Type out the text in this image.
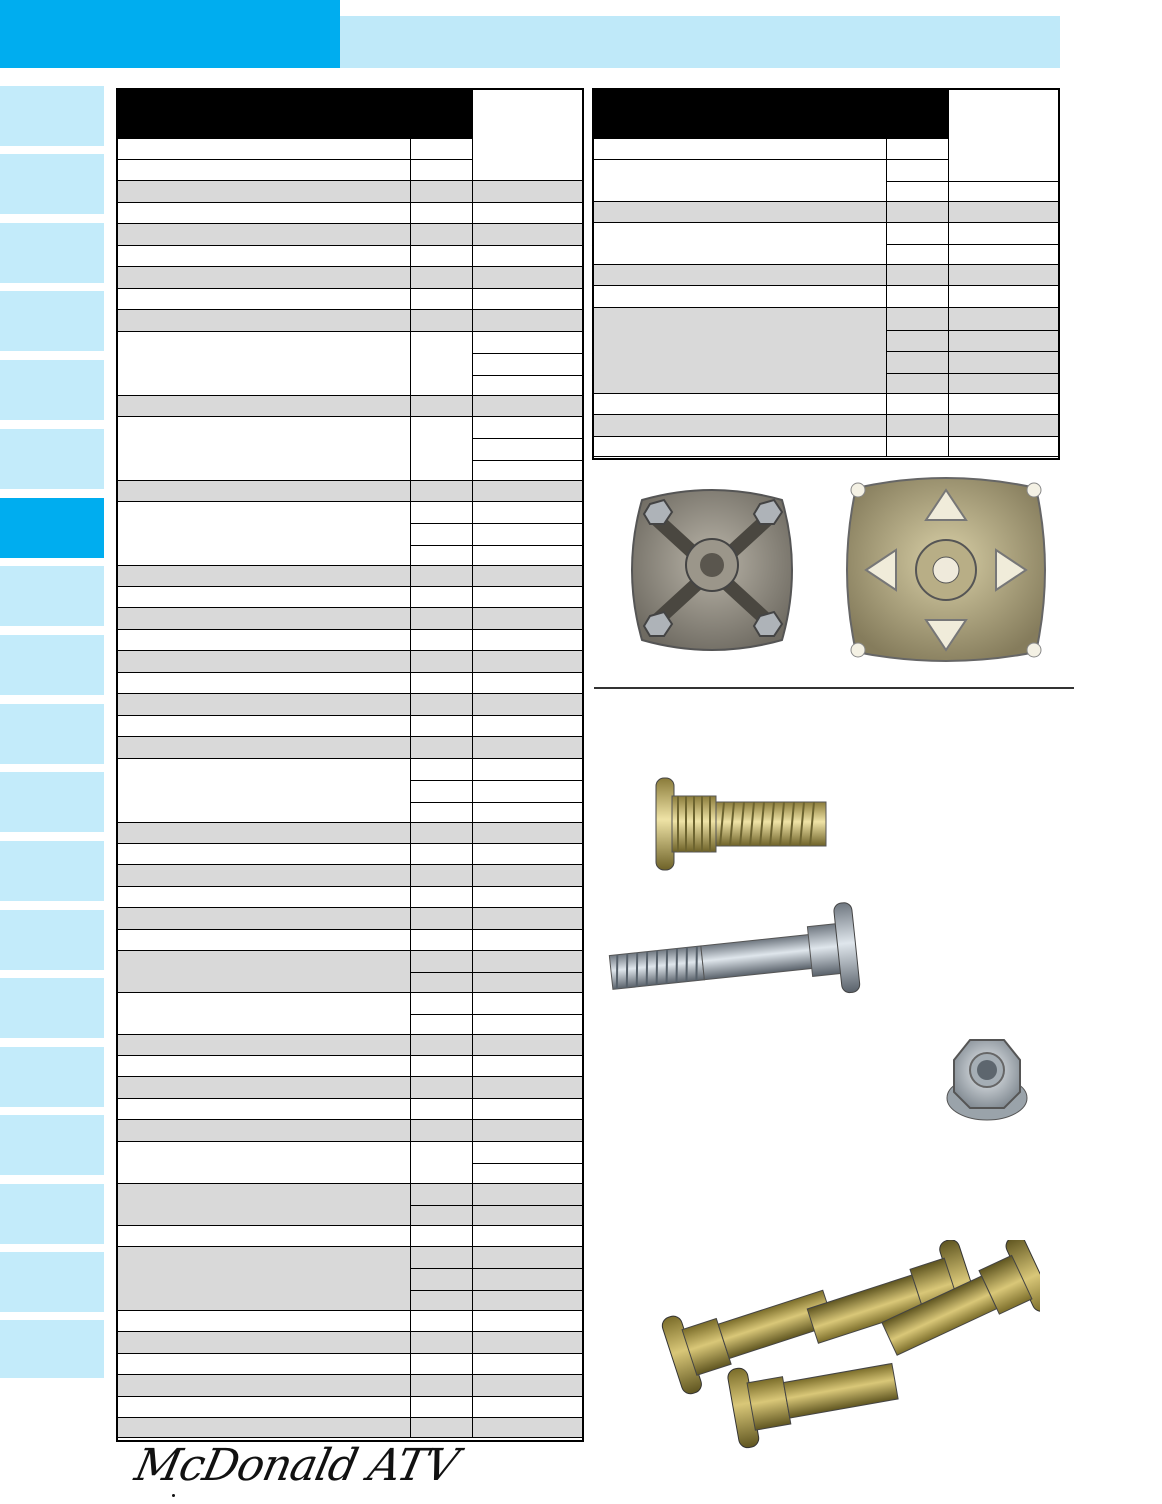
McDonald ATV
